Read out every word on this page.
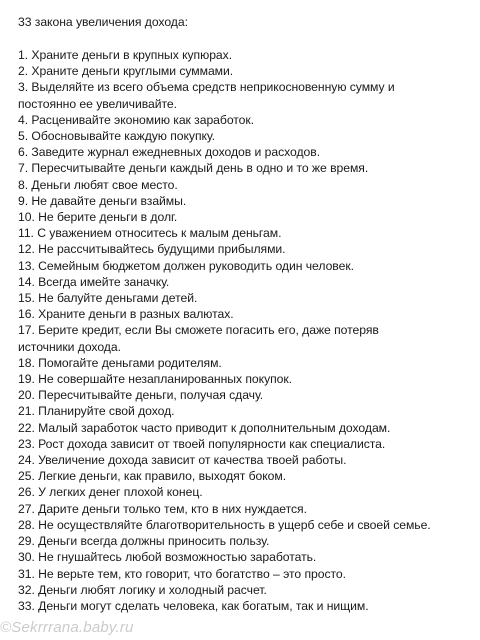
33 закона увеличения дохода:
1. Храните деньги в крупных купюрах.
2. Храните деньги круглыми суммами.
3. Выделяйте из всего объема средств неприкосновенную сумму и
постоянно ее увеличивайте.
4. Расценивайте экономию как заработок.
5. Обосновывайте каждую покупку.
6. Заведите журнал ежедневных доходов и расходов.
7. Пересчитывайте деньги каждый день в одно и то же время.
8. Деньги любят свое место.
9. Не давайте деньги взаймы.
10. Не берите деньги в долг.
11. С уважением относитесь к малым деньгам.
12. Не рассчитывайтесь будущими прибылями.
13. Семейным бюджетом должен руководить один человек.
14. Всегда имейте заначку.
15. Не балуйте деньгами детей.
16. Храните деньги в разных валютах.
17. Берите кредит, если Вы сможете погасить его, даже потеряв
источники дохода.
18. Помогайте деньгами родителям.
19. Не совершайте незапланированных покупок.
20. Пересчитывайте деньги, получая сдачу.
21. Планируйте свой доход.
22. Малый заработок часто приводит к дополнительным доходам.
23. Рост дохода зависит от твоей популярности как специалиста.
24. Увеличение дохода зависит от качества твоей работы.
25. Легкие деньги, как правило, выходят боком.
26. У легких денег плохой конец.
27. Дарите деньги только тем, кто в них нуждается.
28. Не осуществляйте благотворительность в ущерб себе и своей семье.
29. Деньги всегда должны приносить пользу.
30. Не гнушайтесь любой возможностью заработать.
31. Не верьте тем, кто говорит, что богатство – это просто.
32. Деньги любят логику и холодный расчет.
33. Деньги могут сделать человека, как богатым, так и нищим.
©Sekrrrana.baby.ru
